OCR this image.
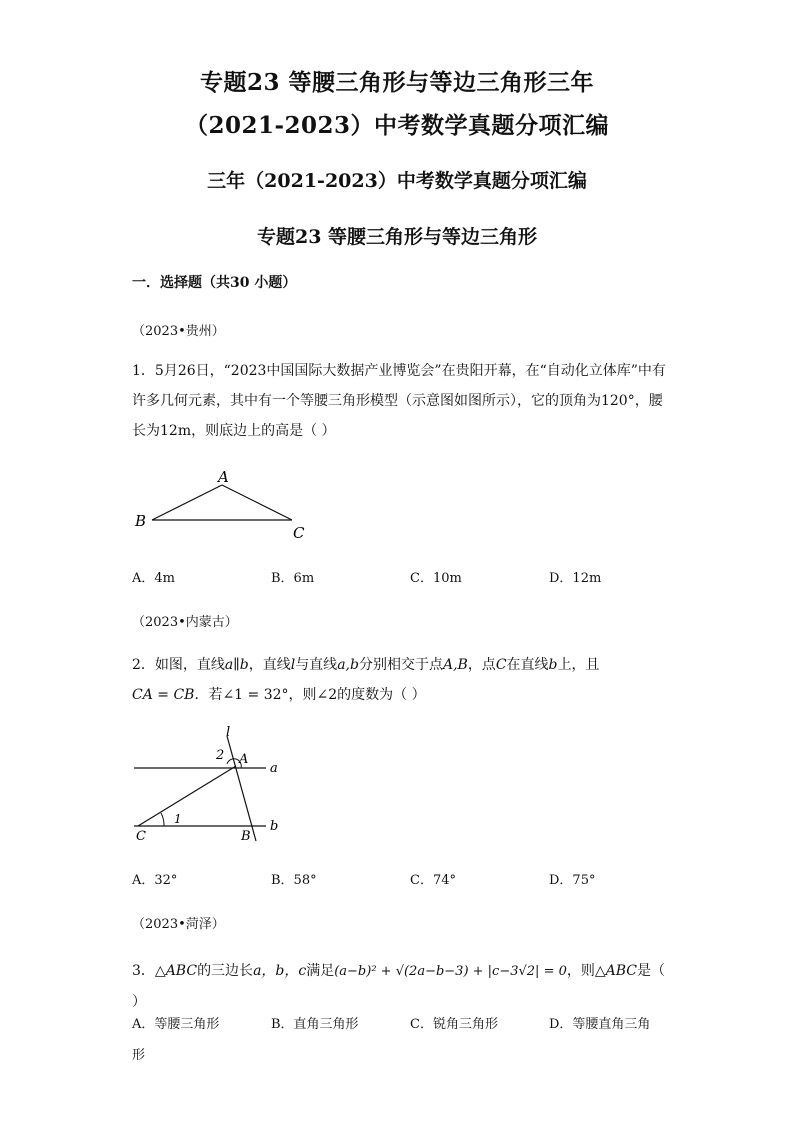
专题23 等腰三角形与等边三角形三年
（2021-2023）中考数学真题分项汇编
三年（2021-2023）中考数学真题分项汇编
专题23 等腰三角形与等边三角形
一．选择题（共30 小题）
（2023•贵州）
1．5月26日，“2023中国国际大数据产业博览会”在贵阳开幕，在“自动化立体库”中有许多几何元素，其中有一个等腰三角形模型（示意图如图所示），它的顶角为120°，腰长为12m，则底边上的高是（ ）
A
B
C
A．4m	B．6m	C．10m	D．12m
（2023•内蒙古）
2．如图，直线a∥b，直线l与直线a,b分别相交于点A,B，点C在直线b上，且
CA = CB．若∠1 = 32°，则∠2的度数为（ ）
l
2 A
a
1
C	B
b
A．32°	B．58°	C．74°	D．75°
（2023•菏泽）
3．△ABC的三边长a，b，c满足(a−b)² + √(2a−b−3) + |c−3√2| = 0，则△ABC是（ ）
A．等腰三角形	B．直角三角形	C．锐角三角形	D．等腰直角三角
形
